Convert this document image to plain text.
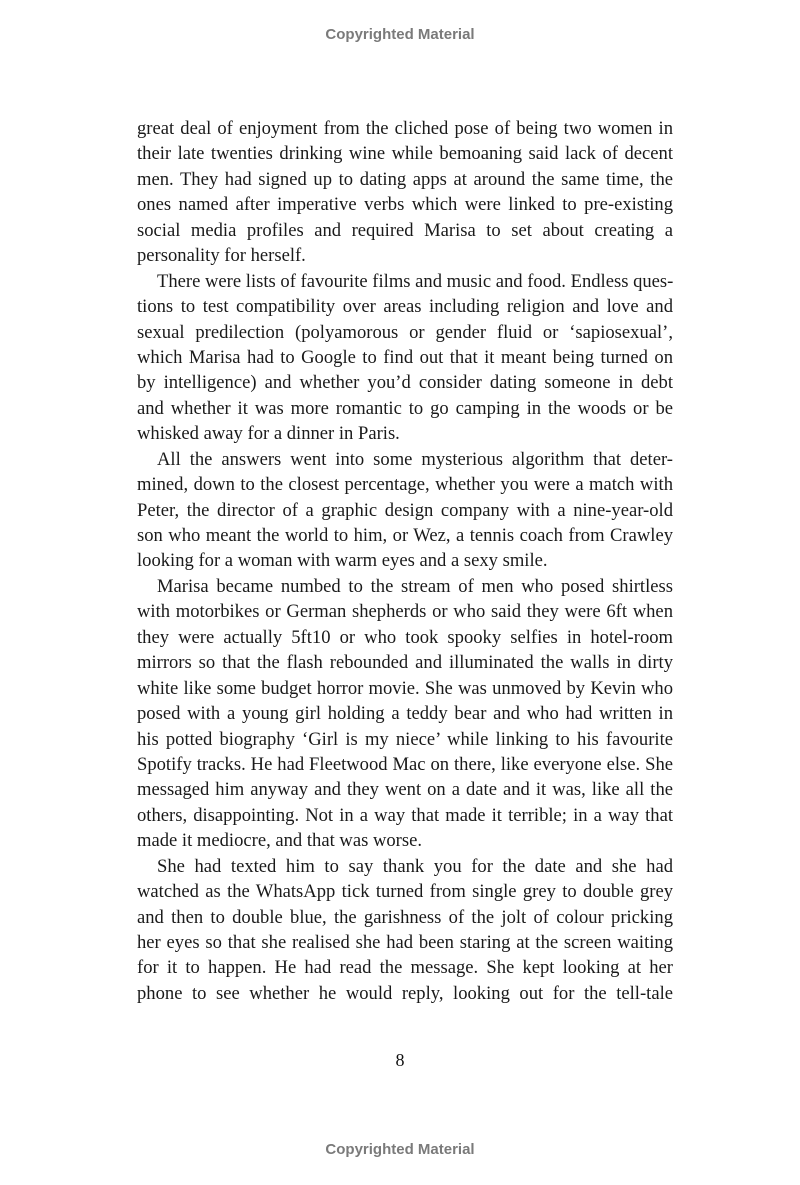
Copyrighted Material

great deal of enjoyment from the cliched pose of being two women in
their late twenties drinking wine while bemoaning said lack of decent
men. They had signed up to dating apps at around the same time, the
ones named after imperative verbs which were linked to pre-existing
social media profiles and required Marisa to set about creating a
personality for herself.

There were lists of favourite films and music and food. Endless ques-
tions to test compatibility over areas including religion and love and
sexual predilection (polyamorous or gender fluid or ‘sapiosexual’,
which Marisa had to Google to find out that it meant being turned on
by intelligence) and whether you’d consider dating someone in debt
and whether it was more romantic to go camping in the woods or be
whisked away for a dinner in Paris.

All the answers went into some mysterious algorithm that deter-
mined, down to the closest percentage, whether you were a match with
Peter, the director of a graphic design company with a nine-year-old
son who meant the world to him, or Wez, a tennis coach from Crawley
looking for a woman with warm eyes and a sexy smile.

Marisa became numbed to the stream of men who posed shirtless
with motorbikes or German shepherds or who said they were 6ft when
they were actually 5ft10 or who took spooky selfies in hotel-room
mirrors so that the flash rebounded and illuminated the walls in dirty
white like some budget horror movie. She was unmoved by Kevin who
posed with a young girl holding a teddy bear and who had written in
his potted biography ‘Girl is my niece’ while linking to his favourite
Spotify tracks. He had Fleetwood Mac on there, like everyone else. She
messaged him anyway and they went on a date and it was, like all the
others, disappointing. Not in a way that made it terrible; in a way that
made it mediocre, and that was worse.

She had texted him to say thank you for the date and she had
watched as the WhatsApp tick turned from single grey to double grey
and then to double blue, the garishness of the jolt of colour pricking
her eyes so that she realised she had been staring at the screen waiting
for it to happen. He had read the message. She kept looking at her
phone to see whether he would reply, looking out for the tell-tale

8
Copyrighted Material
